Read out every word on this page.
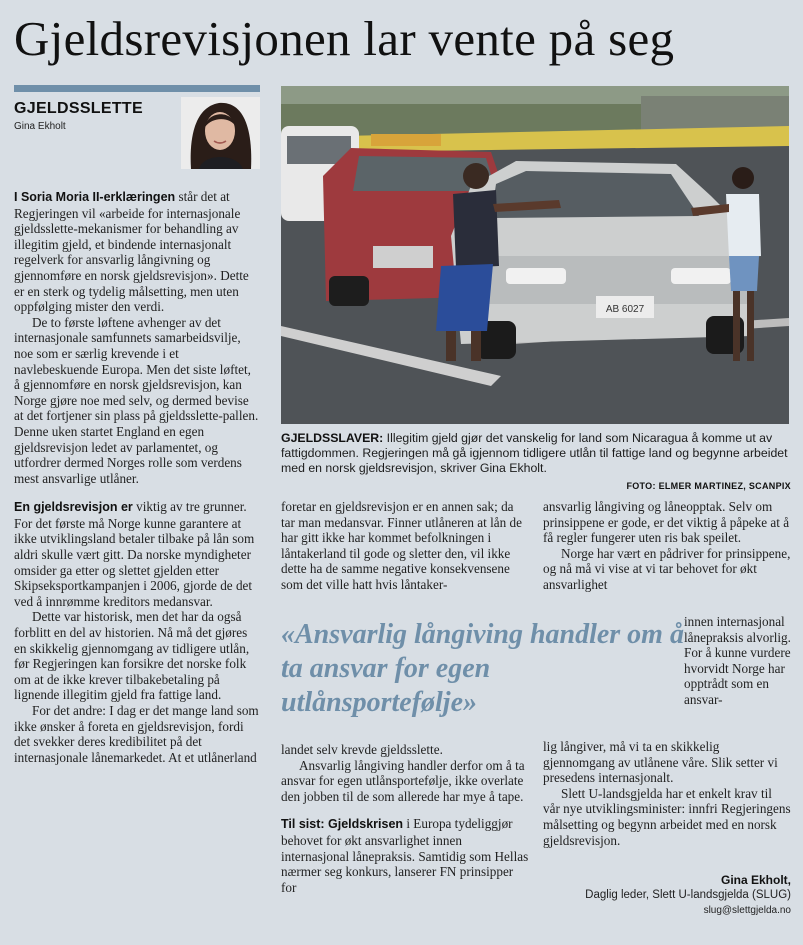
Gjeldsrevisjonen lar vente på seg
GJELDSSLETTE
Gina Ekholt

I Soria Moria II-erklæringen står det at Regjeringen vil «arbeide for internasjonale gjeldsslette-mekanismer for behandling av illegitim gjeld, et bindende internasjonalt regelverk for ansvarlig långivning og gjennomføre en norsk gjeldsrevisjon». Dette er en sterk og tydelig målsetting, men uten oppfølging mister den verdi.

De to første løftene avhenger av det internasjonale samfunnets samarbeidsvilje, noe som er særlig krevende i et navlebeskuende Europa. Men det siste løftet, å gjennomføre en norsk gjeldsrevisjon, kan Norge gjøre noe med selv, og dermed bevise at det fortjener sin plass på gjeldsslette-pallen. Denne uken startet England en egen gjeldsrevisjon ledet av parlamentet, og utfordrer dermed Norges rolle som verdens mest ansvarlige utlåner.

En gjeldsrevisjon er viktig av tre grunner. For det første må Norge kunne garantere at ikke utviklingsland betaler tilbake på lån som aldri skulle vært gitt. Da norske myndigheter omsider ga etter og slettet gjelden etter Skipseksportkampanjen i 2006, gjorde de det ved å innrømme kreditors medansvar.

Dette var historisk, men det har da også forblitt en del av historien. Nå må det gjøres en skikkelig gjennomgang av tidligere utlån, før Regjeringen kan forsikre det norske folk om at de ikke krever tilbakebetaling på lignende illegitim gjeld fra fattige land.

For det andre: I dag er det mange land som ikke ønsker å foreta en gjeldsrevisjon, fordi det svekker deres kredibilitet på det internasjonale lånemarkedet. At et utlånerland

AB 6027
GJELDSSLAVER: Illegitim gjeld gjør det vanskelig for land som Nicaragua å komme ut av fattigdommen. Regjeringen må gå igjennom tidligere utlån til fattige land og begynne arbeidet med en norsk gjeldsrevisjon, skriver Gina Ekholt.
FOTO: ELMER MARTINEZ, SCANPIX

foretar en gjeldsrevisjon er en annen sak; da tar man medansvar. Finner utlåneren at lån de har gitt ikke har kommet befolkningen i låntakerland til gode og sletter den, vil ikke dette ha de samme negative konsekvensene som det ville hatt hvis låntaker-

«Ansvarlig långiving handler om å ta ansvar for egen utlånsportefølje»

landet selv krevde gjeldsslette.

Ansvarlig långiving handler derfor om å ta ansvar for egen utlånsportefølje, ikke overlate den jobben til de som allerede har mye å tape.

Til sist: Gjeldskrisen i Europa tydeliggjør behovet for økt ansvarlighet innen internasjonal lånepraksis. Samtidig som Hellas nærmer seg konkurs, lanserer FN prinsipper for

ansvarlig långiving og låneopptak. Selv om prinsippene er gode, er det viktig å påpeke at å få regler fungerer uten ris bak speilet.

Norge har vært en pådriver for prinsippene, og nå må vi vise at vi tar behovet for økt ansvarlighet

innen internasjonal lånepraksis alvorlig. For å kunne vurdere hvorvidt Norge har opptrådt som en ansvar-

lig långiver, må vi ta en skikkelig gjennomgang av utlånene våre. Slik setter vi presedens internasjonalt.

Slett U-landsgjelda har et enkelt krav til vår nye utviklingsminister: innfri Regjeringens målsetting og begynn arbeidet med en norsk gjeldsrevisjon.

Gina Ekholt,
Daglig leder, Slett U-landsgjelda (SLUG)
slug@slettgjelda.no
